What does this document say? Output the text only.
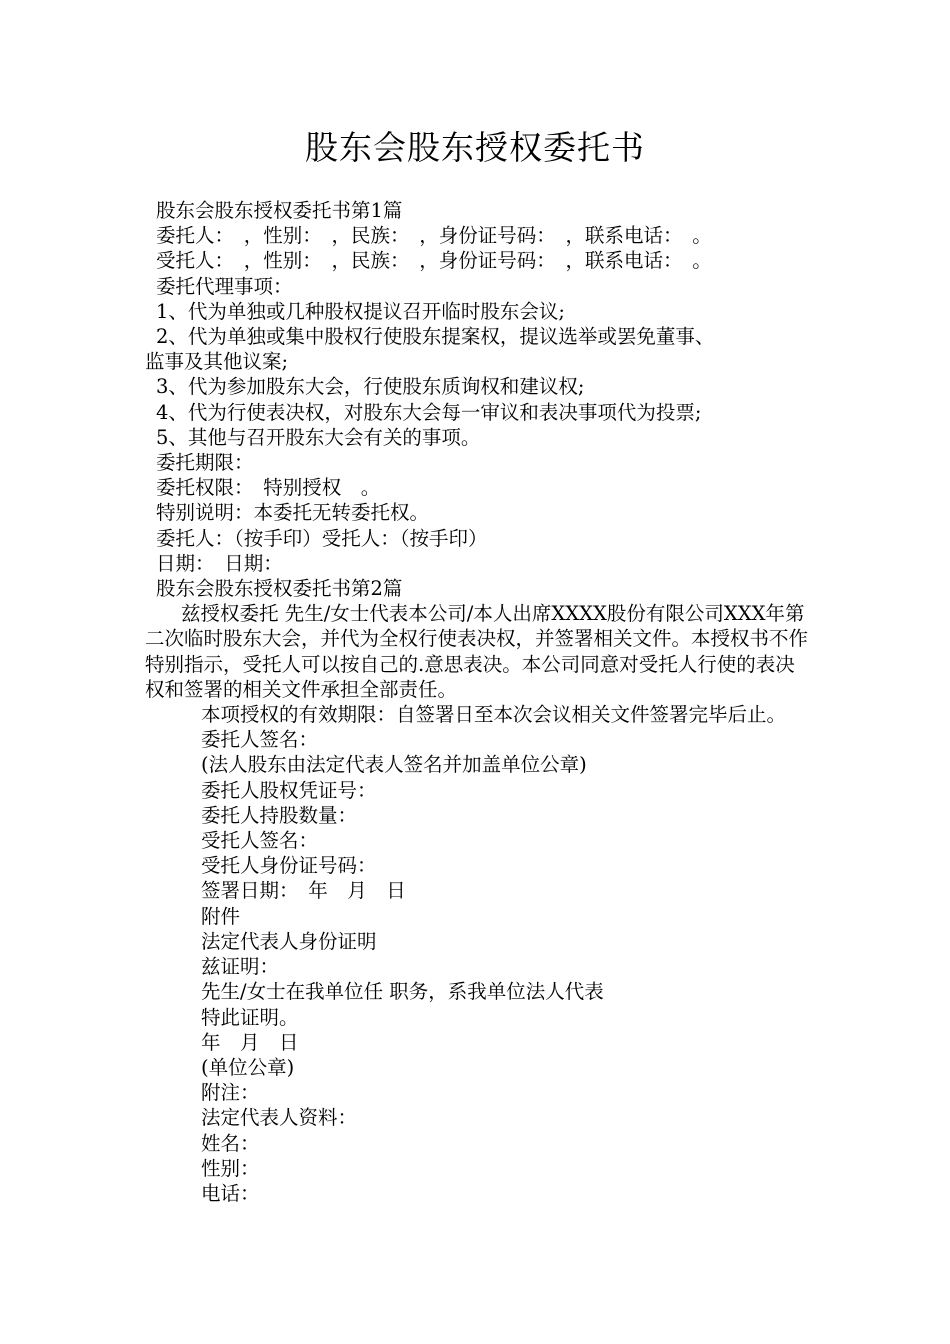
股东会股东授权委托书
股东会股东授权委托书第1篇
委托人：　，性别：　，民族：　，身份证号码：　，联系电话：　。
受托人：　，性别：　，民族：　，身份证号码：　，联系电话：　。
委托代理事项：
1、代为单独或几种股权提议召开临时股东会议;
2、代为单独或集中股权行使股东提案权，提议选举或罢免董事、
监事及其他议案;
3、代为参加股东大会，行使股东质询权和建议权;
4、代为行使表决权，对股东大会每一审议和表决事项代为投票;
5、其他与召开股东大会有关的事项。
委托期限：
委托权限：　特别授权　。
特别说明：本委托无转委托权。
委托人：（按手印）受托人：（按手印）
日期：　日期：
股东会股东授权委托书第2篇
兹授权委托 先生/女士代表本公司/本人出席XXXX股份有限公司XXX年第二次临时股东大会，并代为全权行使表决权，并签署相关文件。本授权书不作特别指示，受托人可以按自己的.意思表决。本公司同意对受托人行使的表决权和签署的相关文件承担全部责任。
本项授权的有效期限：自签署日至本次会议相关文件签署完毕后止。
委托人签名：
(法人股东由法定代表人签名并加盖单位公章)
委托人股权凭证号：
委托人持股数量：
受托人签名：
受托人身份证号码：
签署日期：　年　月　日
附件
法定代表人身份证明
兹证明：
先生/女士在我单位任 职务，系我单位法人代表
特此证明。
年　月　日
(单位公章)
附注：
法定代表人资料：
姓名：
性别：
电话：
